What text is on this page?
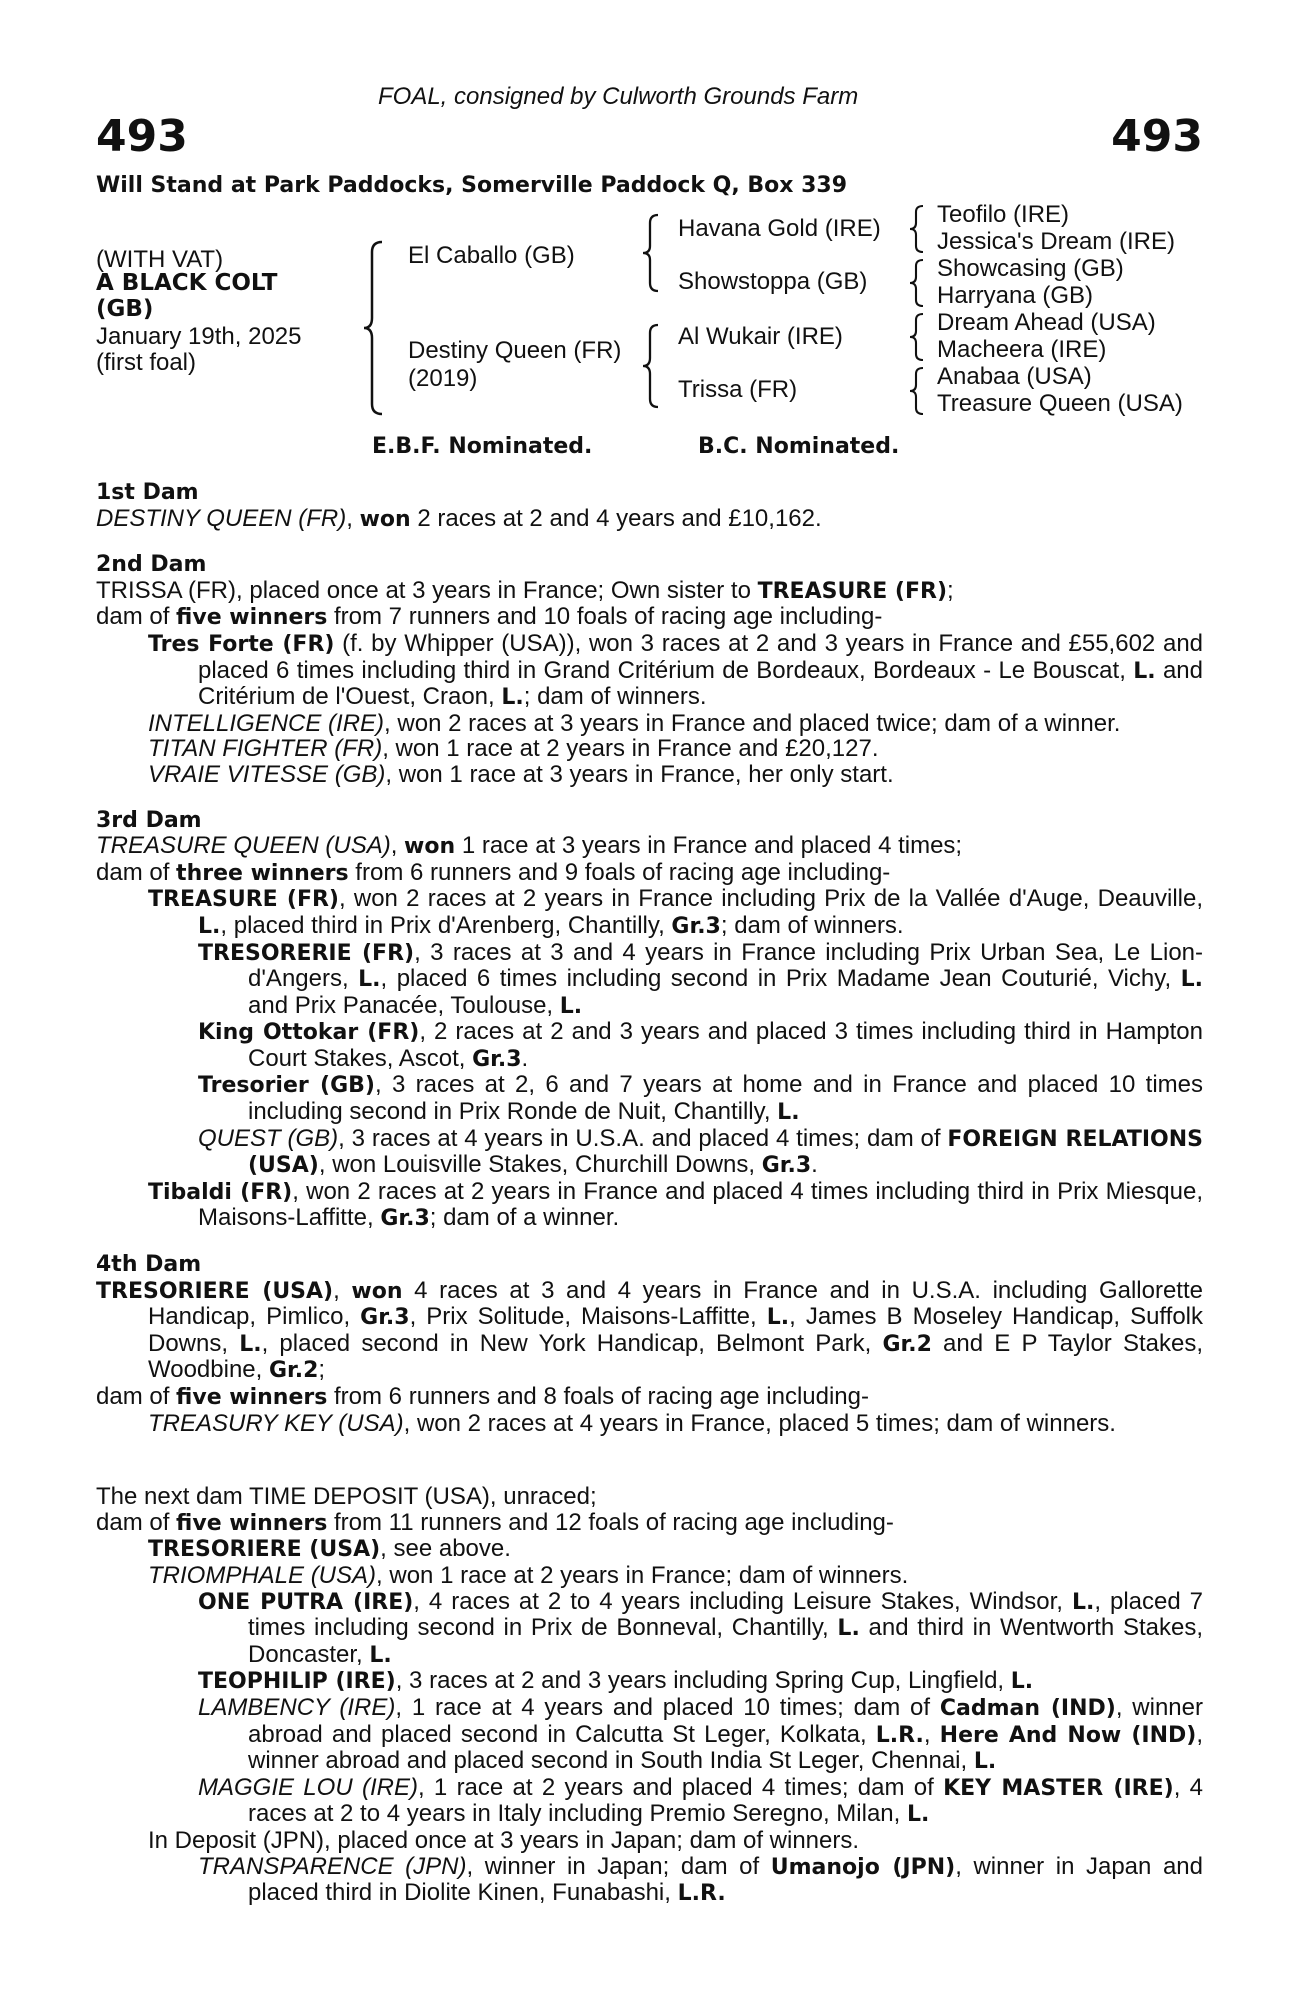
FOAL, consigned by Culworth Grounds Farm
493	493
Will Stand at Park Paddocks, Somerville Paddock Q, Box 339
(WITH VAT)
A BLACK COLT
(GB)
January 19th, 2025
(first foal)
El Caballo (GB)
Destiny Queen (FR)
(2019)
Havana Gold (IRE)
Showstoppa (GB)
Al Wukair (IRE)
Trissa (FR)
Teofilo (IRE)
Jessica's Dream (IRE)
Showcasing (GB)
Harryana (GB)
Dream Ahead (USA)
Macheera (IRE)
Anabaa (USA)
Treasure Queen (USA)
E.B.F. Nominated.	B.C. Nominated.
1st Dam
DESTINY QUEEN (FR), won 2 races at 2 and 4 years and £10,162.
2nd Dam
TRISSA (FR), placed once at 3 years in France; Own sister to TREASURE (FR);
dam of five winners from 7 runners and 10 foals of racing age including-
Tres Forte (FR) (f. by Whipper (USA)), won 3 races at 2 and 3 years in France and £55,602 and placed 6 times including third in Grand Critérium de Bordeaux, Bordeaux - Le Bouscat, L. and Critérium de l'Ouest, Craon, L.; dam of winners.
INTELLIGENCE (IRE), won 2 races at 3 years in France and placed twice; dam of a winner.
TITAN FIGHTER (FR), won 1 race at 2 years in France and £20,127.
VRAIE VITESSE (GB), won 1 race at 3 years in France, her only start.
3rd Dam
TREASURE QUEEN (USA), won 1 race at 3 years in France and placed 4 times;
dam of three winners from 6 runners and 9 foals of racing age including-
TREASURE (FR), won 2 races at 2 years in France including Prix de la Vallée d'Auge, Deauville, L., placed third in Prix d'Arenberg, Chantilly, Gr.3; dam of winners.
TRESORERIE (FR), 3 races at 3 and 4 years in France including Prix Urban Sea, Le Lion-d'Angers, L., placed 6 times including second in Prix Madame Jean Couturié, Vichy, L. and Prix Panacée, Toulouse, L.
King Ottokar (FR), 2 races at 2 and 3 years and placed 3 times including third in Hampton Court Stakes, Ascot, Gr.3.
Tresorier (GB), 3 races at 2, 6 and 7 years at home and in France and placed 10 times including second in Prix Ronde de Nuit, Chantilly, L.
QUEST (GB), 3 races at 4 years in U.S.A. and placed 4 times; dam of FOREIGN RELATIONS (USA), won Louisville Stakes, Churchill Downs, Gr.3.
Tibaldi (FR), won 2 races at 2 years in France and placed 4 times including third in Prix Miesque, Maisons-Laffitte, Gr.3; dam of a winner.
4th Dam
TRESORIERE (USA), won 4 races at 3 and 4 years in France and in U.S.A. including Gallorette Handicap, Pimlico, Gr.3, Prix Solitude, Maisons-Laffitte, L., James B Moseley Handicap, Suffolk Downs, L., placed second in New York Handicap, Belmont Park, Gr.2 and E P Taylor Stakes, Woodbine, Gr.2;
dam of five winners from 6 runners and 8 foals of racing age including-
TREASURY KEY (USA), won 2 races at 4 years in France, placed 5 times; dam of winners.
The next dam TIME DEPOSIT (USA), unraced;
dam of five winners from 11 runners and 12 foals of racing age including-
TRESORIERE (USA), see above.
TRIOMPHALE (USA), won 1 race at 2 years in France; dam of winners.
ONE PUTRA (IRE), 4 races at 2 to 4 years including Leisure Stakes, Windsor, L., placed 7 times including second in Prix de Bonneval, Chantilly, L. and third in Wentworth Stakes, Doncaster, L.
TEOPHILIP (IRE), 3 races at 2 and 3 years including Spring Cup, Lingfield, L.
LAMBENCY (IRE), 1 race at 4 years and placed 10 times; dam of Cadman (IND), winner abroad and placed second in Calcutta St Leger, Kolkata, L.R., Here And Now (IND), winner abroad and placed second in South India St Leger, Chennai, L.
MAGGIE LOU (IRE), 1 race at 2 years and placed 4 times; dam of KEY MASTER (IRE), 4 races at 2 to 4 years in Italy including Premio Seregno, Milan, L.
In Deposit (JPN), placed once at 3 years in Japan; dam of winners.
TRANSPARENCE (JPN), winner in Japan; dam of Umanojo (JPN), winner in Japan and placed third in Diolite Kinen, Funabashi, L.R.
